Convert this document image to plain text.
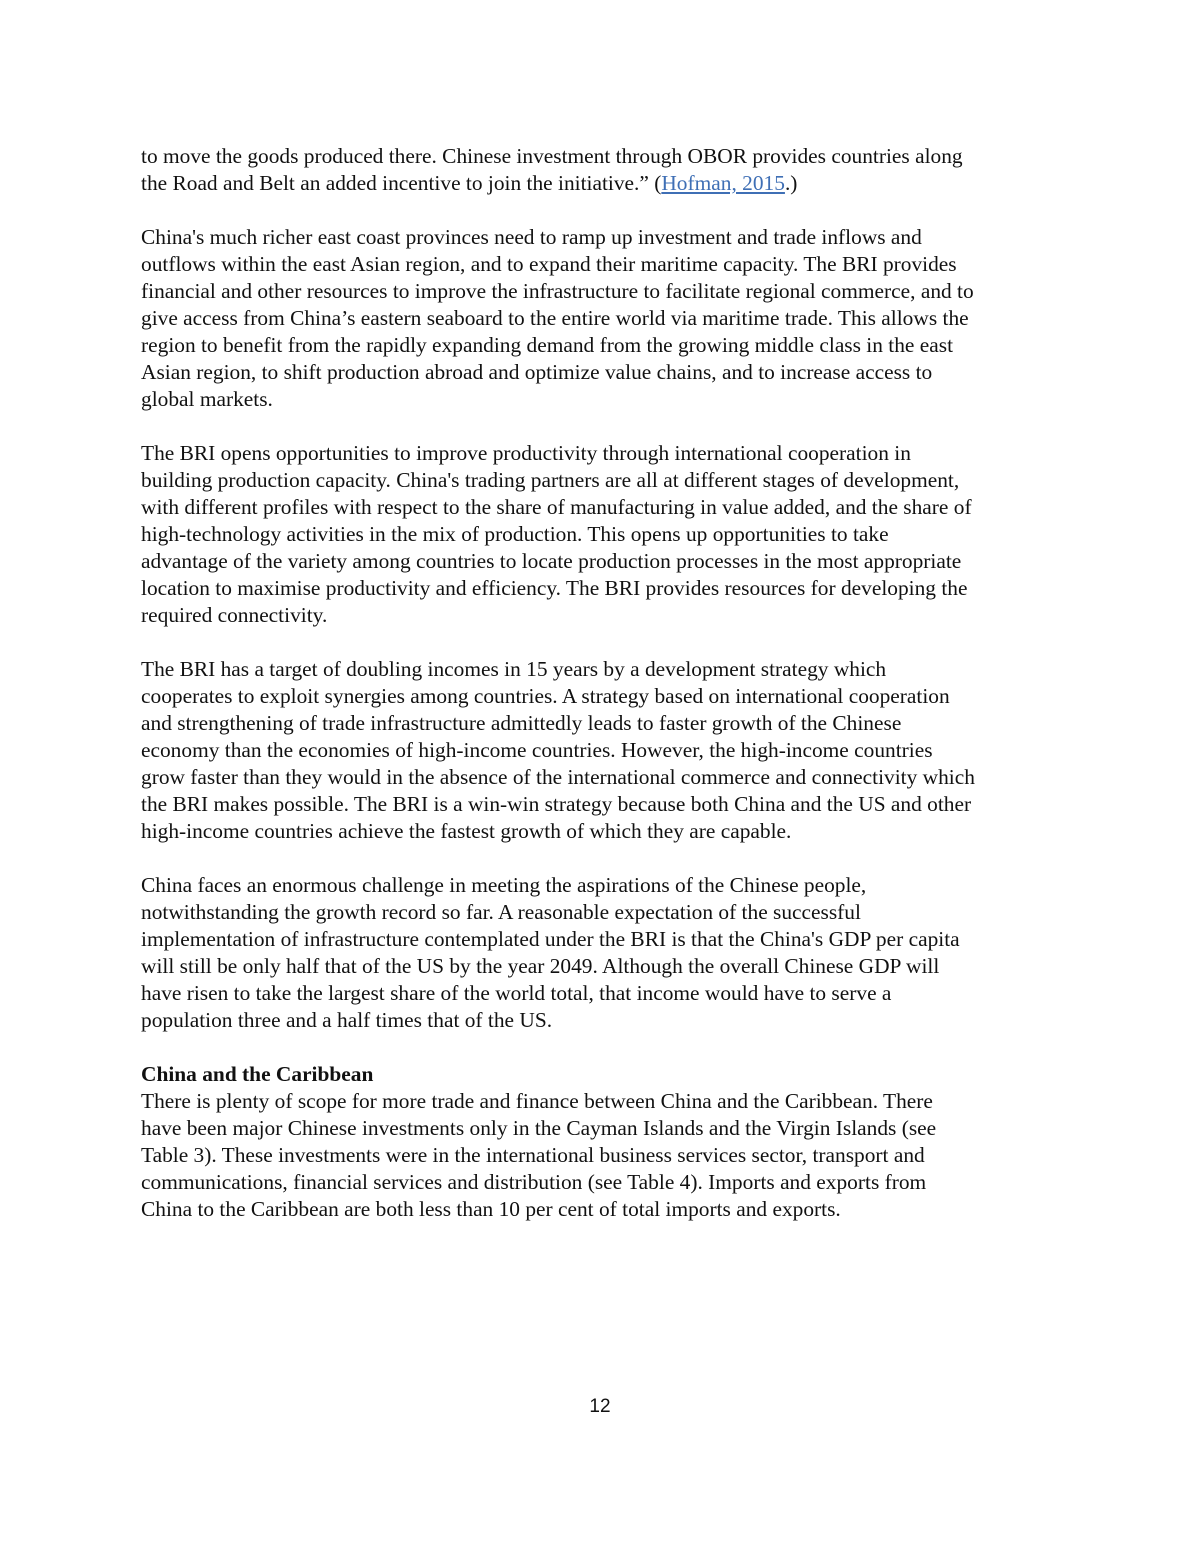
to move the goods produced there. Chinese investment through OBOR provides countries along
the Road and Belt an added incentive to join the initiative.” (Hofman, 2015.)

China's much richer east coast provinces need to ramp up investment and trade inflows and
outflows within the east Asian region, and to expand their maritime capacity. The BRI provides
financial and other resources to improve the infrastructure to facilitate regional commerce, and to
give access from China’s eastern seaboard to the entire world via maritime trade. This allows the
region to benefit from the rapidly expanding demand from the growing middle class in the east
Asian region, to shift production abroad and optimize value chains, and to increase access to
global markets.

The BRI opens opportunities to improve productivity through international cooperation in
building production capacity. China's trading partners are all at different stages of development,
with different profiles with respect to the share of manufacturing in value added, and the share of
high-technology activities in the mix of production. This opens up opportunities to take
advantage of the variety among countries to locate production processes in the most appropriate
location to maximise productivity and efficiency. The BRI provides resources for developing the
required connectivity.

The BRI has a target of doubling incomes in 15 years by a development strategy which
cooperates to exploit synergies among countries. A strategy based on international cooperation
and strengthening of trade infrastructure admittedly leads to faster growth of the Chinese
economy than the economies of high-income countries. However, the high-income countries
grow faster than they would in the absence of the international commerce and connectivity which
the BRI makes possible. The BRI is a win-win strategy because both China and the US and other
high-income countries achieve the fastest growth of which they are capable.

China faces an enormous challenge in meeting the aspirations of the Chinese people,
notwithstanding the growth record so far. A reasonable expectation of the successful
implementation of infrastructure contemplated under the BRI is that the China's GDP per capita
will still be only half that of the US by the year 2049. Although the overall Chinese GDP will
have risen to take the largest share of the world total, that income would have to serve a
population three and a half times that of the US.

China and the Caribbean
There is plenty of scope for more trade and finance between China and the Caribbean. There
have been major Chinese investments only in the Cayman Islands and the Virgin Islands (see
Table 3). These investments were in the international business services sector, transport and
communications, financial services and distribution (see Table 4). Imports and exports from
China to the Caribbean are both less than 10 per cent of total imports and exports.

12
